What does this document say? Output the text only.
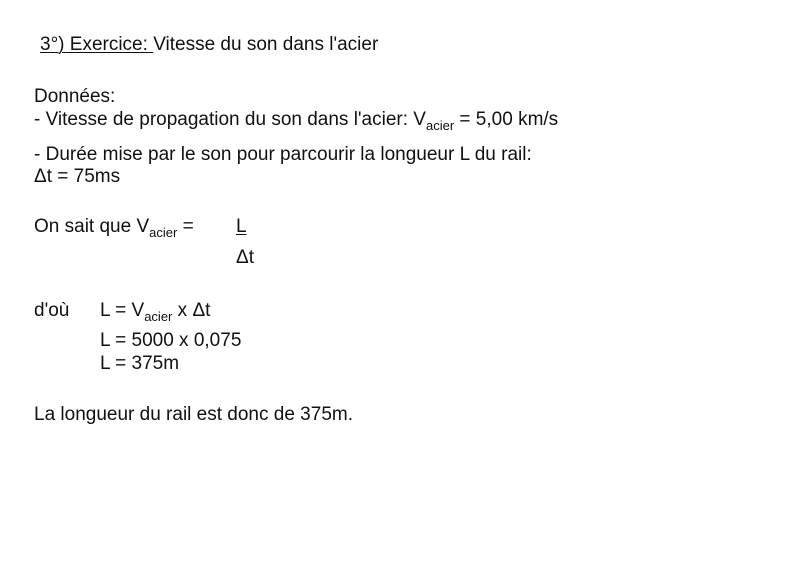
3°) Exercice: Vitesse du son dans l'acier
Données:
- Vitesse de propagation du son dans l'acier: $V_{acier} = 5,00$ km/s
- Durée mise par le son pour parcourir la longueur L du rail:
Δt = 75ms
On sait que $V_{acier} = L$
Δt
d'où $L = V_{acier}$ x Δt
L = 5000 x 0,075
L = 375m
La longueur du rail est donc de 375m.
